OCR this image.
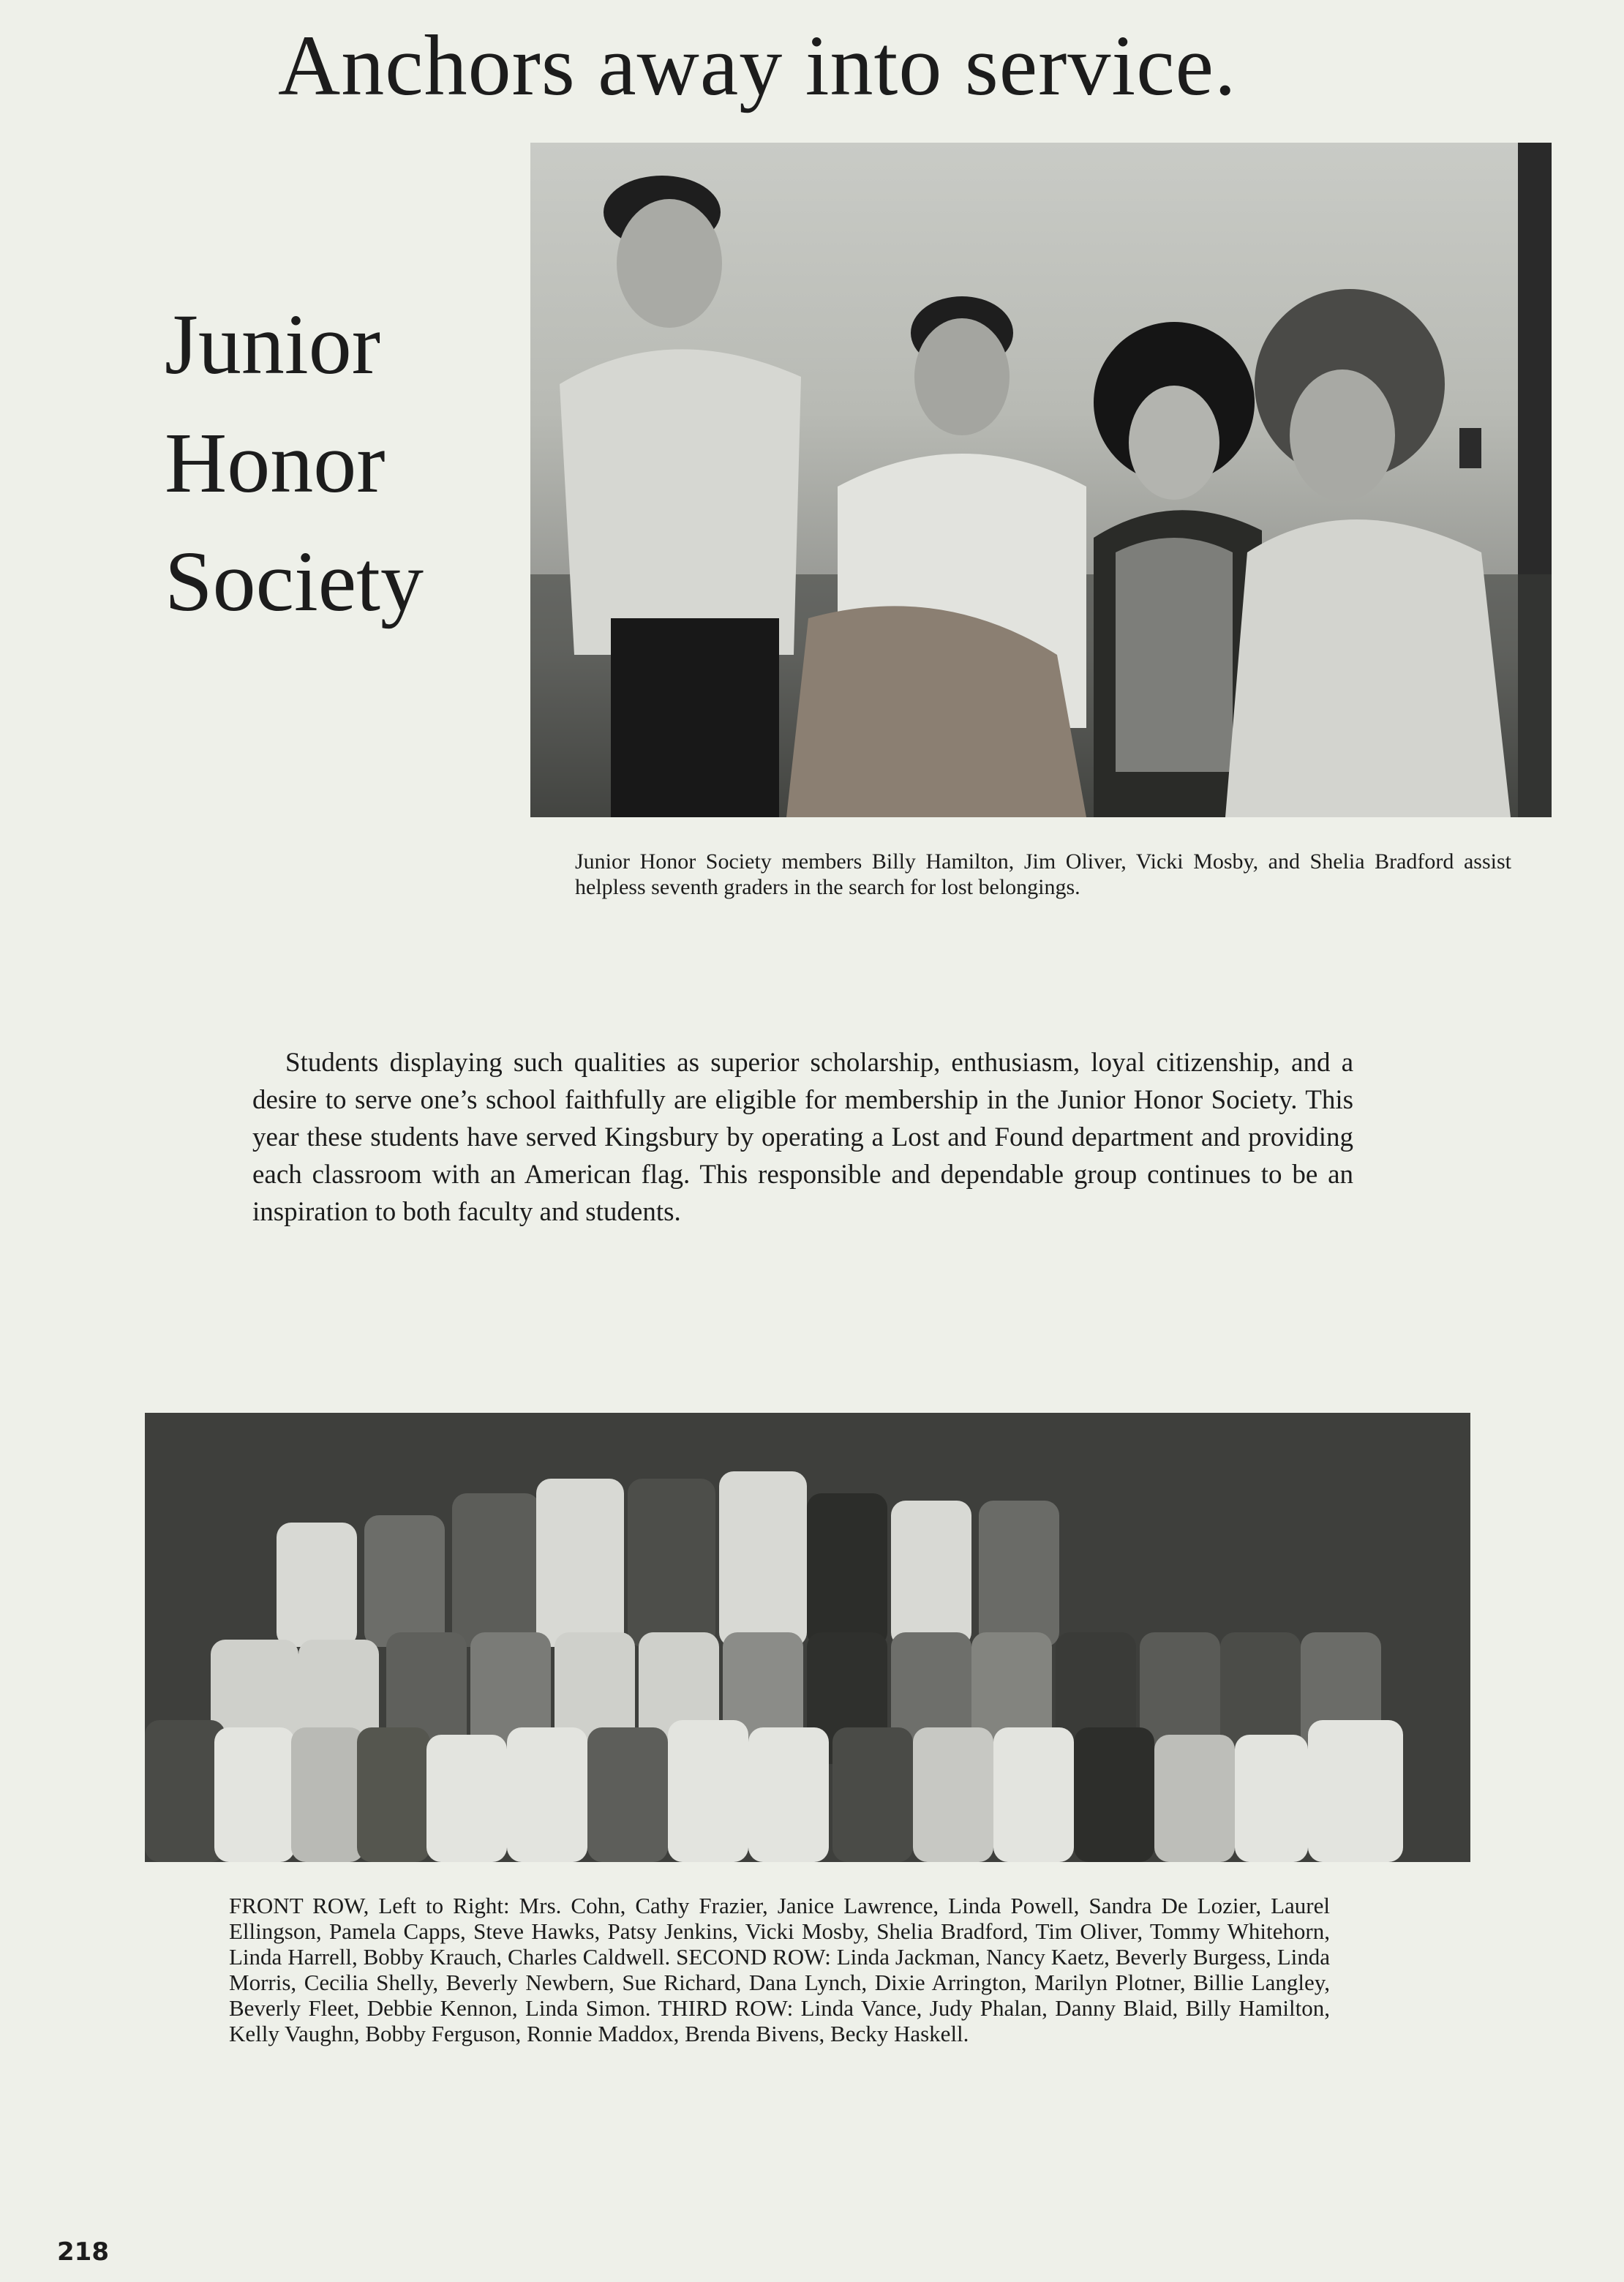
Anchors away into service.
Junior
Honor
Society
Junior Honor Society members Billy Hamilton, Jim Oliver, Vicki Mosby, and Shelia Bradford assist helpless seventh graders in the search for lost belongings.
Students displaying such qualities as superior scholarship, enthusiasm, loyal citizenship, and a desire to serve one’s school faithfully are eligible for membership in the Junior Honor Society. This year these students have served Kingsbury by operating a Lost and Found department and providing each classroom with an American flag. This responsible and dependable group continues to be an inspiration to both faculty and students.
FRONT ROW, Left to Right: Mrs. Cohn, Cathy Frazier, Janice Lawrence, Linda Powell, Sandra De Lozier, Laurel Ellingson, Pamela Capps, Steve Hawks, Patsy Jenkins, Vicki Mosby, Shelia Bradford, Tim Oliver, Tommy Whitehorn, Linda Harrell, Bobby Krauch, Charles Caldwell. SECOND ROW: Linda Jackman, Nancy Kaetz, Beverly Burgess, Linda Morris, Cecilia Shelly, Beverly Newbern, Sue Richard, Dana Lynch, Dixie Arrington, Marilyn Plotner, Billie Langley, Beverly Fleet, Debbie Kennon, Linda Simon. THIRD ROW: Linda Vance, Judy Phalan, Danny Blaid, Billy Hamilton, Kelly Vaughn, Bobby Ferguson, Ronnie Maddox, Brenda Bivens, Becky Haskell.
218
